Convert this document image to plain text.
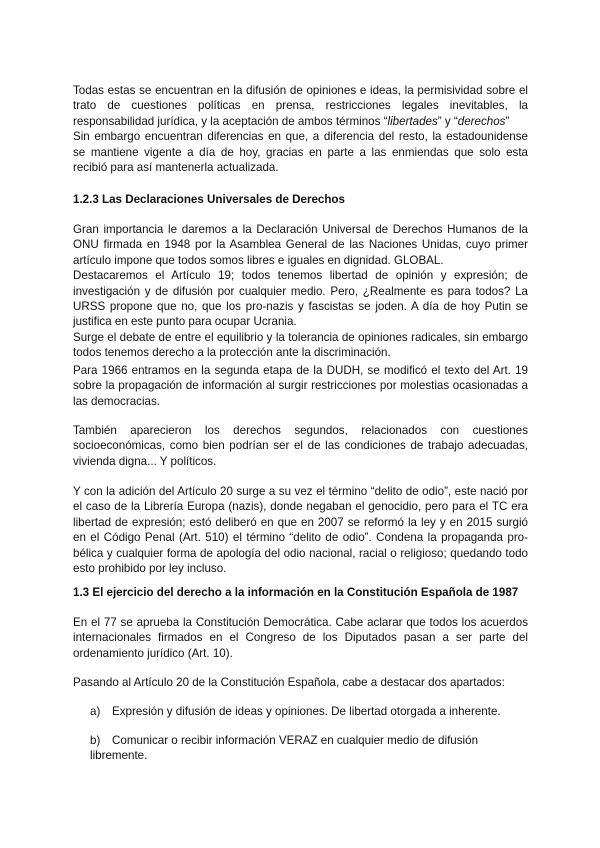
Todas estas se encuentran en la difusión de opiniones e ideas, la permisividad sobre el trato de cuestiones políticas en prensa, restricciones legales inevitables, la responsabilidad jurídica, y la aceptación de ambos términos “libertades” y “derechos”

Sin embargo encuentran diferencias en que, a diferencia del resto, la estadounidense se mantiene vigente a día de hoy, gracias en parte a las enmiendas que solo esta recibió para así mantenerla actualizada.

1.2.3 Las Declaraciones Universales de Derechos

Gran importancia le daremos a la Declaración Universal de Derechos Humanos de la ONU firmada en 1948 por la Asamblea General de las Naciones Unidas, cuyo primer artículo impone que todos somos libres e iguales en dignidad. GLOBAL.

Destacaremos el Artículo 19; todos tenemos libertad de opinión y expresión; de investigación y de difusión por cualquier medio. Pero, ¿Realmente es para todos? La URSS propone que no, que los pro-nazis y fascistas se joden. A día de hoy Putin se justifica en este punto para ocupar Ucrania.

Surge el debate de entre el equilibrio y la tolerancia de opiniones radicales, sin embargo todos tenemos derecho a la protección ante la discriminación.

Para 1966 entramos en la segunda etapa de la DUDH, se modificó el texto del Art. 19 sobre la propagación de información al surgir restricciones por molestias ocasionadas a las democracias.

También aparecieron los derechos segundos, relacionados con cuestiones socioeconómicas, como bien podrían ser el de las condiciones de trabajo adecuadas, vivienda digna... Y políticos.

Y con la adición del Artículo 20 surge a su vez el término “delito de odio”, este nació por el caso de la Librería Europa (nazis), donde negaban el genocidio, pero para el TC era libertad de expresión; estó deliberó en que en 2007 se reformó la ley y en 2015 surgió en el Código Penal (Art. 510) el término “delito de odio”. Condena la propaganda pro-bélica y cualquier forma de apología del odio nacional, racial o religioso; quedando todo esto prohibido por ley incluso.

1.3 El ejercicio del derecho a la información en la Constitución Española de 1987

En el 77 se aprueba la Constitución Democrática. Cabe aclarar que todos los acuerdos internacionales firmados en el Congreso de los Diputados pasan a ser parte del ordenamiento jurídico (Art. 10).

Pasando al Artículo 20 de la Constitución Española, cabe a destacar dos apartados:

a) Expresión y difusión de ideas y opiniones. De libertad otorgada a inherente.
b) Comunicar o recibir información VERAZ en cualquier medio de difusión libremente.
